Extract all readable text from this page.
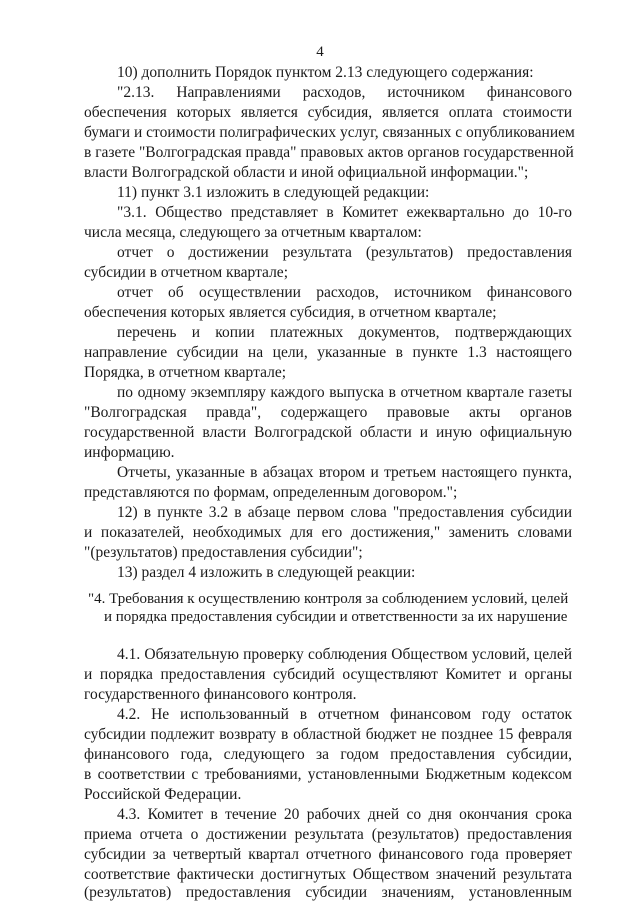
4
10) дополнить Порядок пунктом 2.13 следующего содержания:
"2.13. Направлениями расходов, источником финансового
обеспечения которых является субсидия, является оплата стоимости
бумаги и стоимости полиграфических услуг, связанных с опубликованием
в газете "Волгоградская правда" правовых актов органов государственной
власти Волгоградской области и иной официальной информации.";
11) пункт 3.1 изложить в следующей редакции:
"3.1. Общество представляет в Комитет ежеквартально до 10-го
числа месяца, следующего за отчетным кварталом:
отчет о достижении результата (результатов) предоставления
субсидии в отчетном квартале;
отчет об осуществлении расходов, источником финансового
обеспечения которых является субсидия, в отчетном квартале;
перечень и копии платежных документов, подтверждающих
направление субсидии на цели, указанные в пункте 1.3 настоящего
Порядка, в отчетном квартале;
по одному экземпляру каждого выпуска в отчетном квартале газеты
"Волгоградская правда", содержащего правовые акты органов
государственной власти Волгоградской области и иную официальную
информацию.
Отчеты, указанные в абзацах втором и третьем настоящего пункта,
представляются по формам, определенным договором.";
12) в пункте 3.2 в абзаце первом слова "предоставления субсидии
и показателей, необходимых для его достижения," заменить словами
"(результатов) предоставления субсидии";
13) раздел 4 изложить в следующей реакции:
"4. Требования к осуществлению контроля за соблюдением условий, целей
и порядка предоставления субсидии и ответственности за их нарушение
4.1. Обязательную проверку соблюдения Обществом условий, целей
и порядка предоставления субсидий осуществляют Комитет и органы
государственного финансового контроля.
4.2. Не использованный в отчетном финансовом году остаток
субсидии подлежит возврату в областной бюджет не позднее 15 февраля
финансового года, следующего за годом предоставления субсидии,
в соответствии с требованиями, установленными Бюджетным кодексом
Российской Федерации.
4.3. Комитет в течение 20 рабочих дней со дня окончания срока
приема отчета о достижении результата (результатов) предоставления
субсидии за четвертый квартал отчетного финансового года проверяет
соответствие фактически достигнутых Обществом значений результата
(результатов) предоставления субсидии значениям, установленным
